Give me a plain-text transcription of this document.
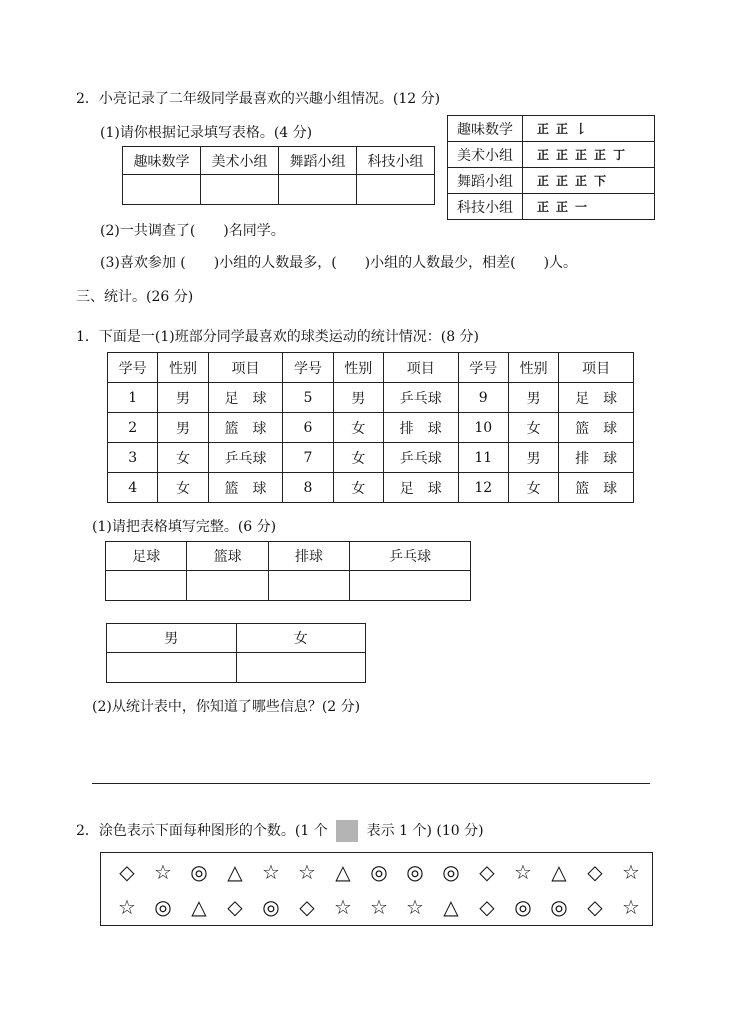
2．小亮记录了二年级同学最喜欢的兴趣小组情况。(12 分)
(1)请你根据记录填写表格。(4 分)
趣味数学	美术小组	舞蹈小组	科技小组

趣味数学	正 正 𠄌
美术小组	正 正 正 正 丁
舞蹈小组	正 正 正 下
科技小组	正 正 一
(2)一共调查了(　　)名同学。
(3)喜欢参加 (　　)小组的人数最多，(　　)小组的人数最少，相差(　　)人。
三、统计。(26 分)
1．下面是一(1)班部分同学最喜欢的球类运动的统计情况：(8 分)
学号	性别	项目	学号	性别	项目	学号	性别	项目
1	男	足　球	5	男	乒乓球	9	男	足　球
2	男	篮　球	6	女	排　球	10	女	篮　球
3	女	乒乓球	7	女	乒乓球	11	男	排　球
4	女	篮　球	8	女	足　球	12	女	篮　球
(1)请把表格填写完整。(6 分)
足球	篮球	排球	乒乓球

男	女

(2)从统计表中，你知道了哪些信息？(2 分)
2．涂色表示下面每种图形的个数。(1 个	表示 1 个) (10 分)
◇ ☆ ◎ △ ☆ ☆ △ ◎ ◎ ◎ ◇ ☆ △	◇ ☆
☆ ◎ △	◇ ◎ ◇ ☆ ☆ ☆ △	◇ ◎ ◎ ◇ ☆
